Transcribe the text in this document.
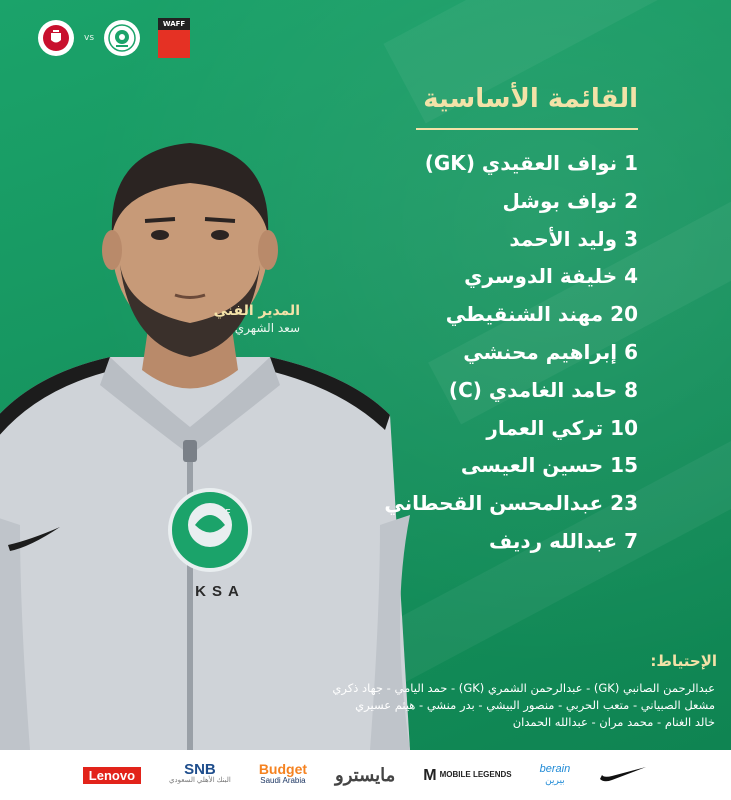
vs
WAFF
SAFF
KSA
المدير الفني
سعد الشهري
القائمة الأساسية
1 نواف العقيدي (GK)
2 نواف بوشل
3 وليد الأحمد
4 خليفة الدوسري
20 مهند الشنقيطي
6 إبراهيم محنشي
8 حامد الغامدي (C)
10 تركي العمار
15 حسين العيسى
23 عبدالمحسن القحطاني
7 عبدالله رديف
الإحتياط:
عبدالرحمن الصانبي (GK) - عبدالرحمن الشمري (GK) - حمد اليامي - جهاد ذكري
مشعل الصبياني - متعب الحربي - منصور البيشي - بدر منشي - هيثم عسيري
خالد الغنام - محمد مران - عبدالله الحمدان
Lenovo	SNB
البنك الأهلي السعودي
Budget
Saudi Arabia مايسترو M MOBILE LEGENDS	berain
بيرين
